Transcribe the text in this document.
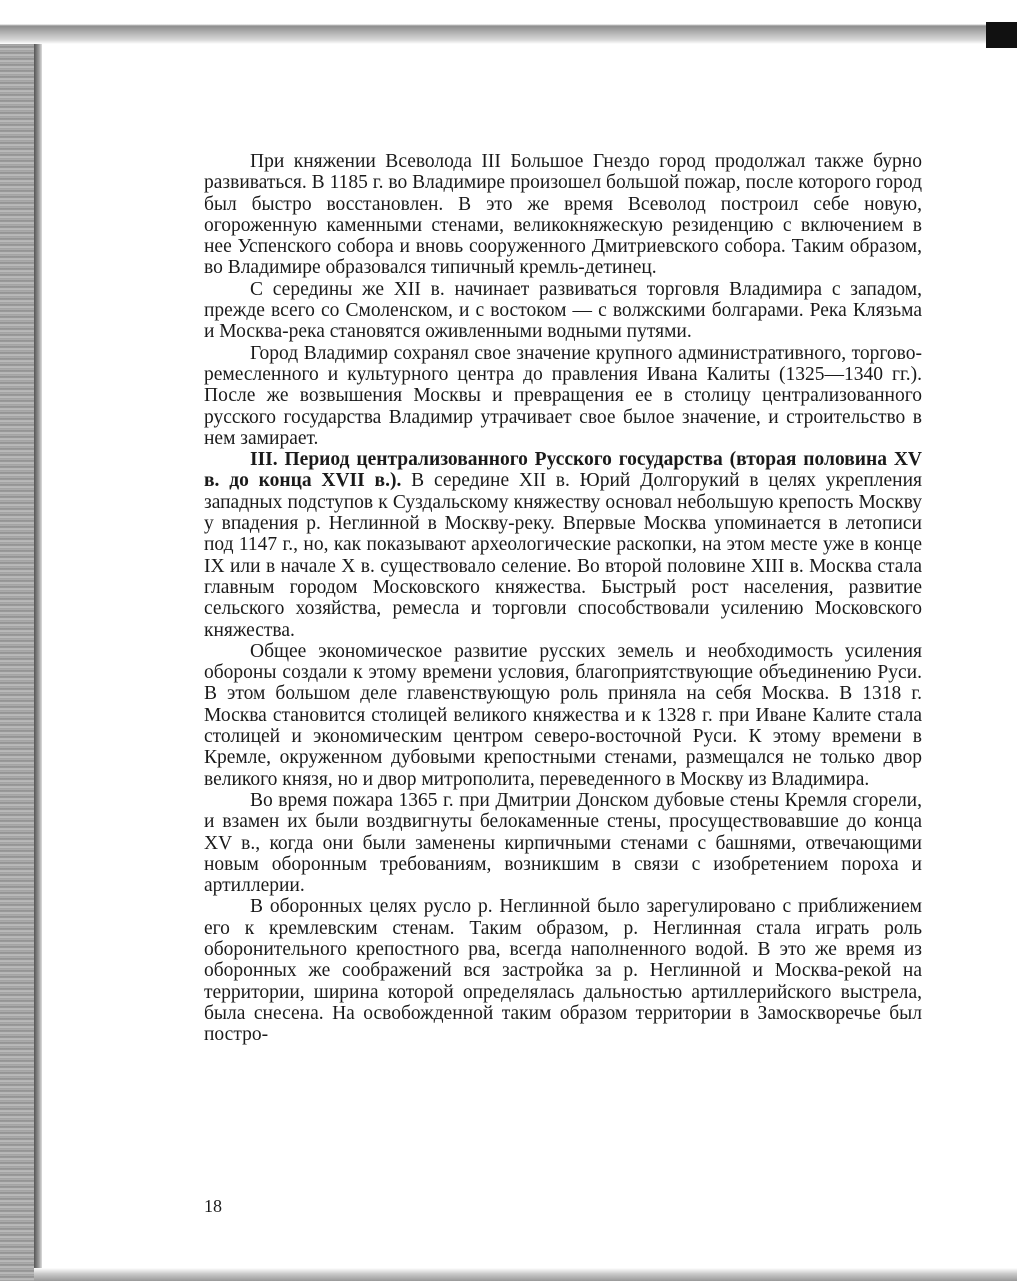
При княжении Всеволода III Большое Гнездо город продолжал также бурно развиваться. В 1185 г. во Владимире произошел большой пожар, после которого город был быстро восстановлен. В это же время Всеволод построил себе новую, огороженную каменными стенами, великокняжескую резиденцию с включением в нее Успенского собора и вновь сооруженного Дмитриевского собора. Таким образом, во Владимире образовался типичный кремль-детинец.

С середины же XII в. начинает развиваться торговля Владимира с западом, прежде всего со Смоленском, и с востоком — с волжскими болгарами. Река Клязьма и Москва-река становятся оживленными водными путями.

Город Владимир сохранял свое значение крупного административного, торгово-ремесленного и культурного центра до правления Ивана Калиты (1325—1340 гг.). После же возвышения Москвы и превращения ее в столицу централизованного русского государства Владимир утрачивает свое былое значение, и строительство в нем замирает.

III. Период централизованного Русского государства (вторая половина XV в. до конца XVII в.). В середине XII в. Юрий Долгорукий в целях укрепления западных подступов к Суздальскому княжеству основал небольшую крепость Москву у впадения р. Неглинной в Москву-реку. Впервые Москва упоминается в летописи под 1147 г., но, как показывают археологические раскопки, на этом месте уже в конце IX или в начале X в. существовало селение. Во второй половине XIII в. Москва стала главным городом Московского княжества. Быстрый рост населения, развитие сельского хозяйства, ремесла и торговли способствовали усилению Московского княжества.

Общее экономическое развитие русских земель и необходимость усиления обороны создали к этому времени условия, благоприятствующие объединению Руси. В этом большом деле главенствующую роль приняла на себя Москва. В 1318 г. Москва становится столицей великого княжества и к 1328 г. при Иване Калите стала столицей и экономическим центром северо-восточной Руси. К этому времени в Кремле, окруженном дубовыми крепостными стенами, размещался не только двор великого князя, но и двор митрополита, переведенного в Москву из Владимира.

Во время пожара 1365 г. при Дмитрии Донском дубовые стены Кремля сгорели, и взамен их были воздвигнуты белокаменные стены, просуществовавшие до конца XV в., когда они были заменены кирпичными стенами с башнями, отвечающими новым оборонным требованиям, возникшим в связи с изобретением пороха и артиллерии.

В оборонных целях русло р. Неглинной было зарегулировано с приближением его к кремлевским стенам. Таким образом, р. Неглинная стала играть роль оборонительного крепостного рва, всегда наполненного водой. В это же время из оборонных же соображений вся застройка за р. Неглинной и Москва-рекой на территории, ширина которой определялась дальностью артиллерийского выстрела, была снесена. На освобожденной таким образом территории в Замоскворечье был постро-

18
